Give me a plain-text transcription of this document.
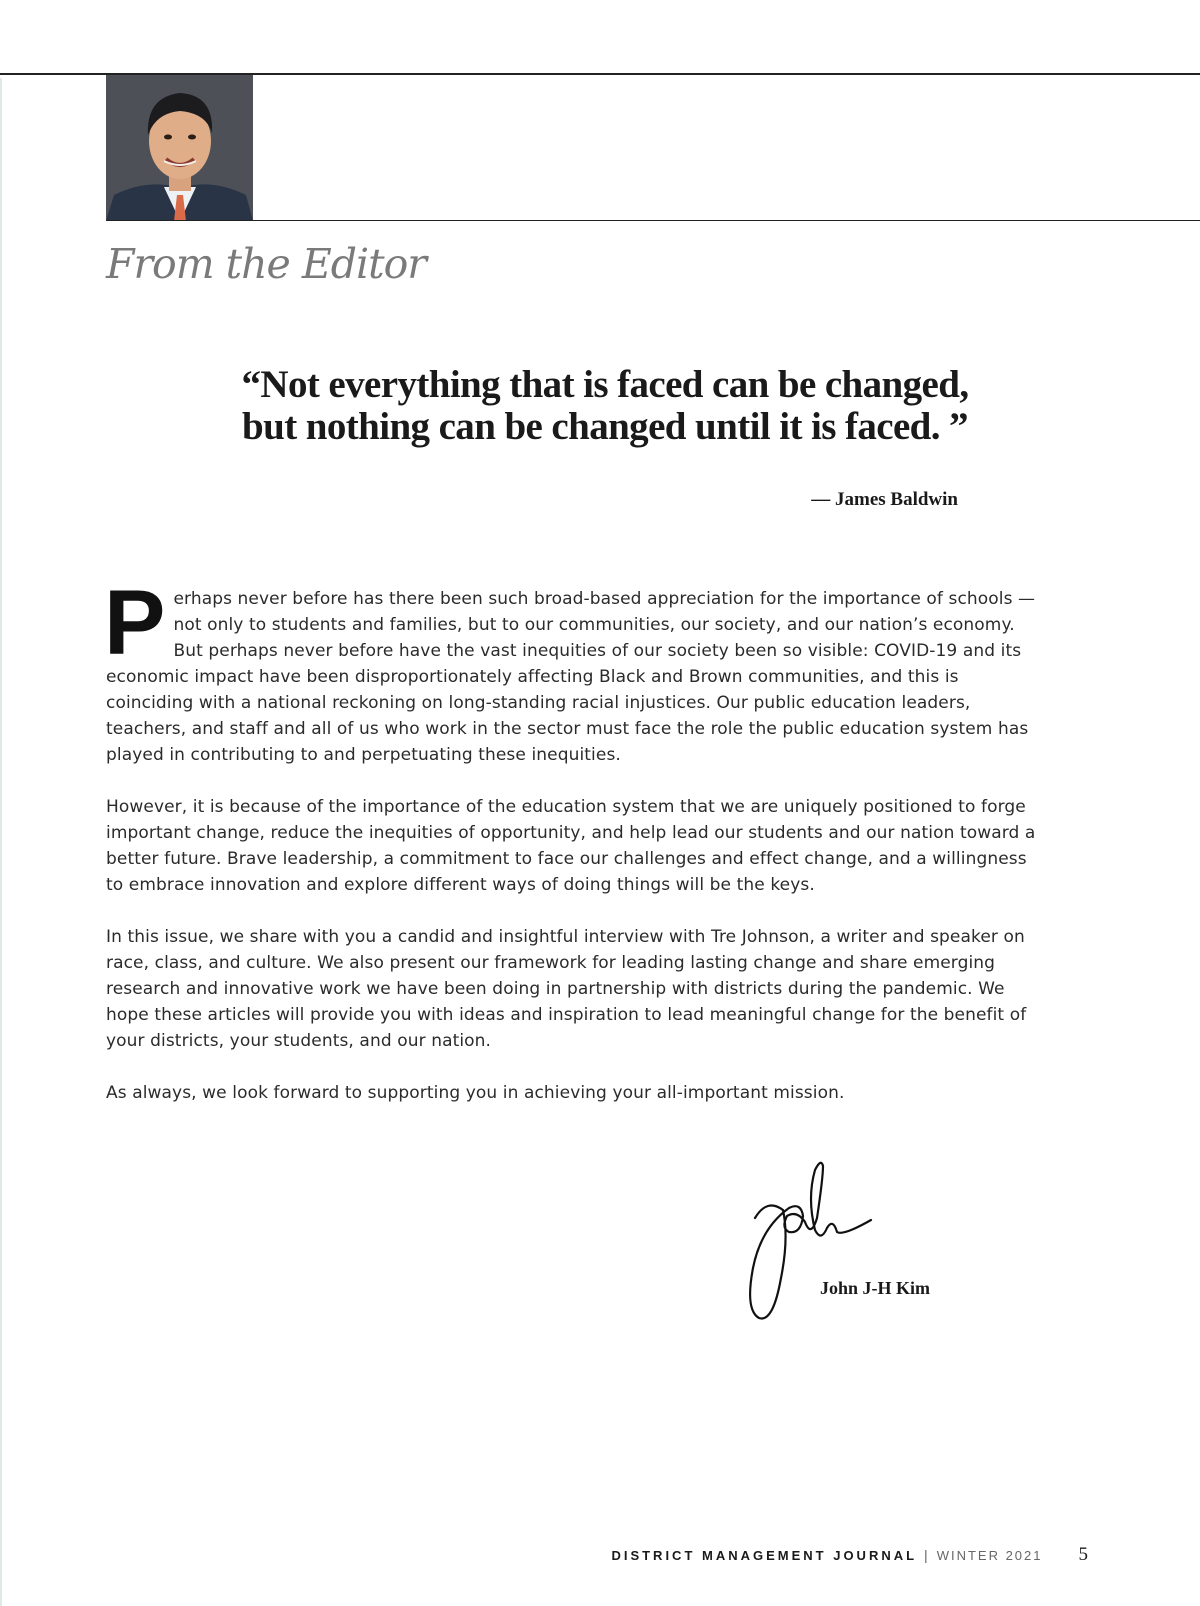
From the Editor
“Not everything that is faced can be changed,
but nothing can be changed until it is faced. ”

— James Baldwin

Perhaps never before has there been such broad-based appreciation for the importance of schools — not only to students and families, but to our communities, our society, and our nation’s economy. But perhaps never before have the vast inequities of our society been so visible: COVID-19 and its economic impact have been disproportionately affecting Black and Brown communities, and this is coinciding with a national reckoning on long-standing racial injustices. Our public education leaders, teachers, and staff and all of us who work in the sector must face the role the public education system has played in contributing to and perpetuating these inequities.

However, it is because of the importance of the education system that we are uniquely positioned to forge important change, reduce the inequities of opportunity, and help lead our students and our nation toward a better future. Brave leadership, a commitment to face our challenges and effect change, and a willingness to embrace innovation and explore different ways of doing things will be the keys.

In this issue, we share with you a candid and insightful interview with Tre Johnson, a writer and speaker on race, class, and culture. We also present our framework for leading lasting change and share emerging research and innovative work we have been doing in partnership with districts during the pandemic. We hope these articles will provide you with ideas and inspiration to lead meaningful change for the benefit of your districts, your students, and our nation.

As always, we look forward to supporting you in achieving your all-important mission.

John J-H Kim

DISTRICT MANAGEMENT JOURNAL | WINTER 2021 5
